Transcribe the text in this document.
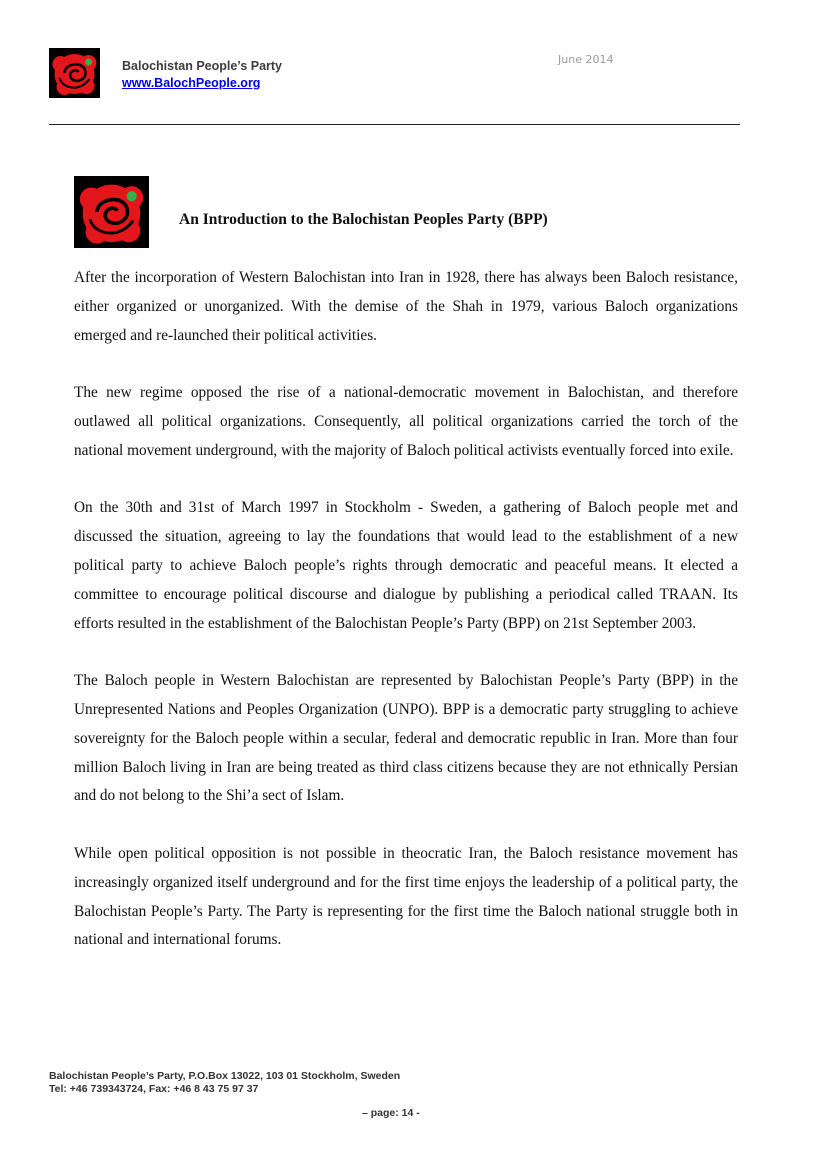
Balochistan People’s Party
www.BalochPeople.org
June 2014
An Introduction to the Balochistan Peoples Party (BPP)

After the incorporation of Western Balochistan into Iran in 1928, there has always been Baloch resistance, either organized or unorganized. With the demise of the Shah in 1979, various Baloch organizations emerged and re-launched their political activities.

The new regime opposed the rise of a national-democratic movement in Balochistan, and therefore outlawed all political organizations. Consequently, all political organizations carried the torch of the national movement underground, with the majority of Baloch political activists eventually forced into exile.

On the 30th and 31st of March 1997 in Stockholm - Sweden, a gathering of Baloch people met and discussed the situation, agreeing to lay the foundations that would lead to the establishment of a new political party to achieve Baloch people’s rights through democratic and peaceful means. It elected a committee to encourage political discourse and dialogue by publishing a periodical called TRAAN. Its efforts resulted in the establishment of the Balochistan People’s Party (BPP) on 21st September 2003.

The Baloch people in Western Balochistan are represented by Balochistan People’s Party (BPP) in the Unrepresented Nations and Peoples Organization (UNPO). BPP is a democratic party struggling to achieve sovereignty for the Baloch people within a secular, federal and democratic republic in Iran. More than four million Baloch living in Iran are being treated as third class citizens because they are not ethnically Persian and do not belong to the Shi’a sect of Islam.

While open political opposition is not possible in theocratic Iran, the Baloch resistance movement has increasingly organized itself underground and for the first time enjoys the leadership of a political party, the Balochistan People’s Party. The Party is representing for the first time the Baloch national struggle both in national and international forums.

Balochistan People’s Party, P.O.Box 13022, 103 01 Stockholm, Sweden
Tel: +46 739343724, Fax: +46 8 43 75 97 37
– page: 14 -
